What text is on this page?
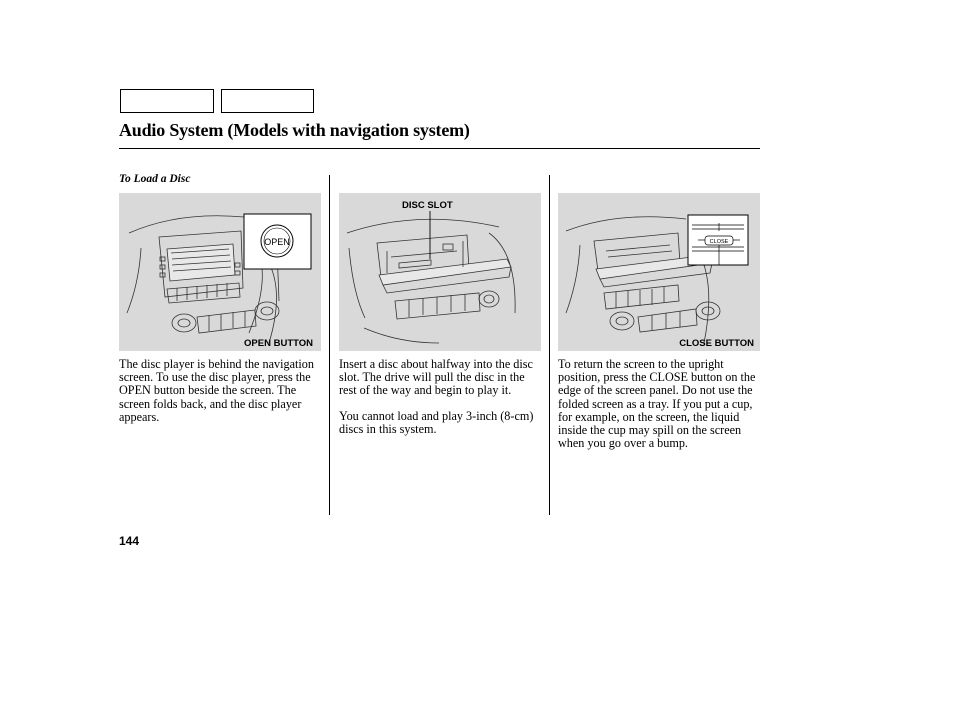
Audio System (Models with navigation system)
To Load a Disc
OPEN
OPEN BUTTON
DISC SLOT
CLOSE
CLOSE BUTTON

The disc player is behind the navigation screen. To use the disc player, press the OPEN button beside the screen. The screen folds back, and the disc player appears.

Insert a disc about halfway into the disc slot. The drive will pull the disc in the rest of the way and begin to play it.

You cannot load and play 3-inch (8-cm) discs in this system.

To return the screen to the upright position, press the CLOSE button on the edge of the screen panel. Do not use the folded screen as a tray. If you put a cup, for example, on the screen, the liquid inside the cup may spill on the screen when you go over a bump.

144
